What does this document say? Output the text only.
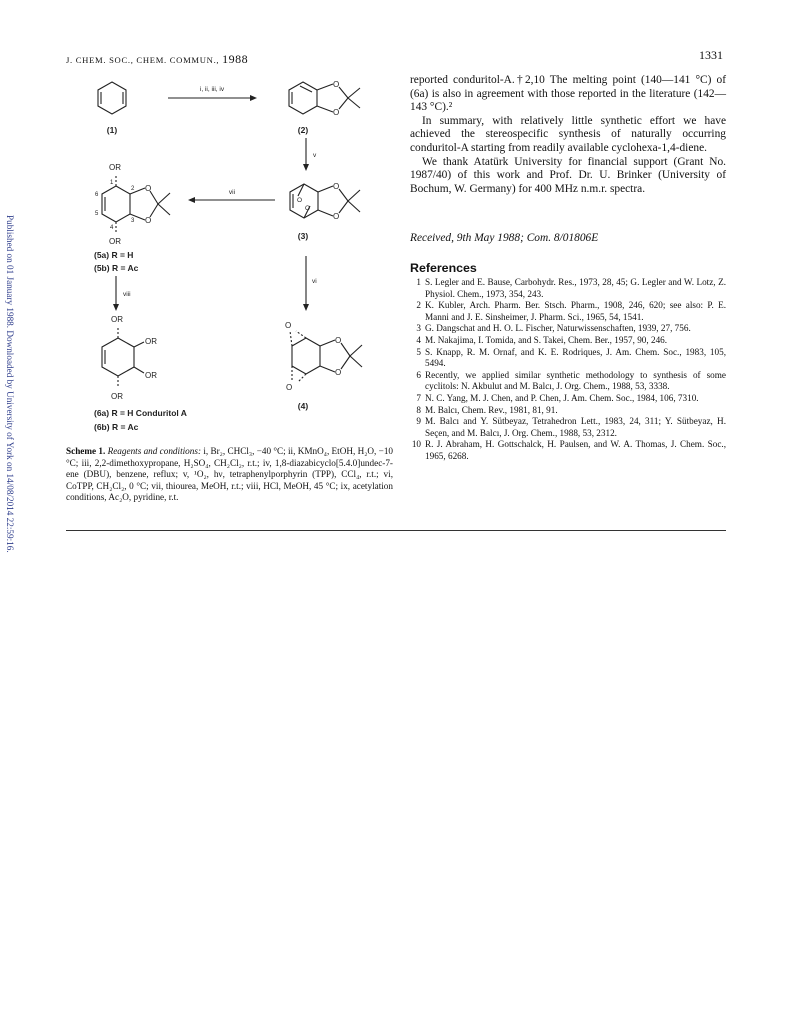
J. CHEM. SOC., CHEM. COMMUN., 1988	1331
Published on 01 January 1988. Downloaded by University of York on 14/08/2014 22:59:16.
i, ii, iii, iv
v
vii
viii
vi
(1)	(2)
(3)
(4)
(5a) R = H
(5b) R = Ac
(6a) R = H Conduritol A
(6b) R = Ac
O
O
O
O
O
O
O
O
O
O
O
O
OR
OR
OR
OR
OR
OR
1
2
3
4
5
6
Scheme 1. Reagents and conditions: i, Br₂, CHCl₃, −40 °C; ii, KMnO₄, EtOH, H₂O, −10 °C; iii, 2,2-dimethoxypropane, H₂SO₄, CH₂Cl₂, r.t.; iv, 1,8-diazabicyclo[5.4.0]undec-7-ene (DBU), benzene, reflux; v, ¹O₂, hν, tetraphenylporphyrin (TPP), CCl₄, r.t.; vi, CoTPP, CH₂Cl₂, 0 °C; vii, thiourea, MeOH, r.t.; viii, HCl, MeOH, 45 °C; ix, acetylation conditions, Ac₂O, pyridine, r.t.

reported conduritol-A.†2,10 The melting point (140—141 °C) of (6a) is also in agreement with those reported in the literature (142—143 °C).²

In summary, with relatively little synthetic effort we have achieved the stereospecific synthesis of naturally occurring conduritol-A starting from readily available cyclohexa-1,4-diene.

We thank Atatürk University for financial support (Grant No. 1987/40) of this work and Prof. Dr. U. Brinker (University of Bochum, W. Germany) for 400 MHz n.m.r. spectra.

Received, 9th May 1988; Com. 8/01806E
References
1 S. Legler and E. Bause, Carbohydr. Res., 1973, 28, 45; G. Legler and W. Lotz, Z. Physiol. Chem., 1973, 354, 243.
2 K. Kubler, Arch. Pharm. Ber. Stsch. Pharm., 1908, 246, 620; see also: P. E. Manni and J. E. Sinsheimer, J. Pharm. Sci., 1965, 54, 1541.
3 G. Dangschat and H. O. L. Fischer, Naturwissenschaften, 1939, 27, 756.
4 M. Nakajima, I. Tomida, and S. Takei, Chem. Ber., 1957, 90, 246.
5 S. Knapp, R. M. Ornaf, and K. E. Rodriques, J. Am. Chem. Soc., 1983, 105, 5494.
6 Recently, we applied similar synthetic methodology to synthesis of some cyclitols: N. Akbulut and M. Balcı, J. Org. Chem., 1988, 53, 3338.
7 N. C. Yang, M. J. Chen, and P. Chen, J. Am. Chem. Soc., 1984, 106, 7310.
8 M. Balcı, Chem. Rev., 1981, 81, 91.
9 M. Balcı and Y. Sütbeyaz, Tetrahedron Lett., 1983, 24, 311; Y. Sütbeyaz, H. Seçen, and M. Balcı, J. Org. Chem., 1988, 53, 2312.
10 R. J. Abraham, H. Gottschalck, H. Paulsen, and W. A. Thomas, J. Chem. Soc., 1965, 6268.
